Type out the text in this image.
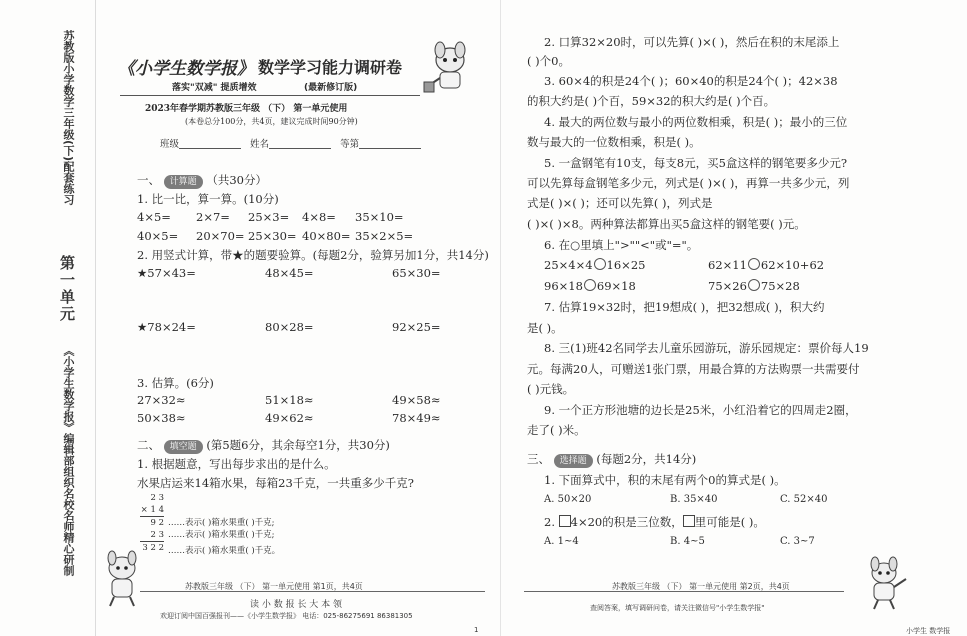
苏教版小学数学三年级(下)配套练习
第一单元
《小学生数学报》编辑部组织名校名师精心研制
《小学生数学报》 数学学习能力调研卷
落实"双减" 提质增效	(最新修订版)
2023年春学期苏教版三年级 （下） 第一单元使用
(本卷总分100分，共4页，建议完成时间90分钟)
班级	姓名	等第
一、 计算题 （共30分）
1. 比一比，算一算。(10分)
4×5= 2×7= 25×3= 4×8= 35×10=
40×5= 20×70= 25×30= 40×80= 35×2×5=
2. 用竖式计算，带★的题要验算。(每题2分，验算另加1分，共14分)
★57×43=	48×45=	65×30=
★78×24=	80×28=	92×25=
3. 估算。(6分)
27×32≈	51×18≈	49×58≈
50×38≈	49×62≈	78×49≈
二、 填空题 (第5题6分，其余每空1分，共30分)
1. 根据题意，写出每步求出的是什么。
水果店运来14箱水果，每箱23千克，一共重多少千克?
2 3
× 1 4
9 2
2 3
3 2 2
……表示( )箱水果重( )千克;
……表示( )箱水果重( )千克;
……表示( )箱水果重( )千克。
苏教版三年级 （下） 第一单元使用 第1页，共4页
读 小 数 报 长 大 本 领
欢迎订阅中国百强报刊——《小学生数学报》 电话：025-86275691 86381305
1
2. 口算32×20时，可以先算( )×( )，然后在积的末尾添上
( )个0。
3. 60×4的积是24个( )；60×40的积是24个( )；42×38
的积大约是( )个百，59×32的积大约是( )个百。
4. 最大的两位数与最小的两位数相乘，积是( )；最小的三位
数与最大的一位数相乘，积是( )。
5. 一盒钢笔有10支，每支8元，买5盒这样的钢笔要多少元?
可以先算每盒钢笔多少元，列式是( )×( )，再算一共多少元，列
式是( )×( )；还可以先算( )，列式是
( )×( )×8。两种算法都算出买5盒这样的钢笔要( )元。
6. 在○里填上">""<"或"="。
25×4×4 16×25	62×11 62×10+62
96×18 69×18	75×26 75×28
7. 估算19×32时，把19想成( )，把32想成( )，积大约
是( )。
8. 三(1)班42名同学去儿童乐园游玩，游乐园规定：票价每人19
元。每满20人，可赠送1张门票，用最合算的方法购票一共需要付
( )元钱。
9. 一个正方形池塘的边长是25米，小红沿着它的四周走2圈，
走了( )米。
三、 选择题 (每题2分，共14分)
1. 下面算式中，积的末尾有两个0的算式是( )。
A. 50×20	B. 35×40	C. 52×40
2. 4×20的积是三位数， 里可能是( )。
A. 1~4	B. 4~5	C. 3~7
苏教版三年级 （下） 第一单元使用 第2页，共4页
查阅答案，填写调研问卷，请关注微信号"小学生数学报"
小学生 数学报
